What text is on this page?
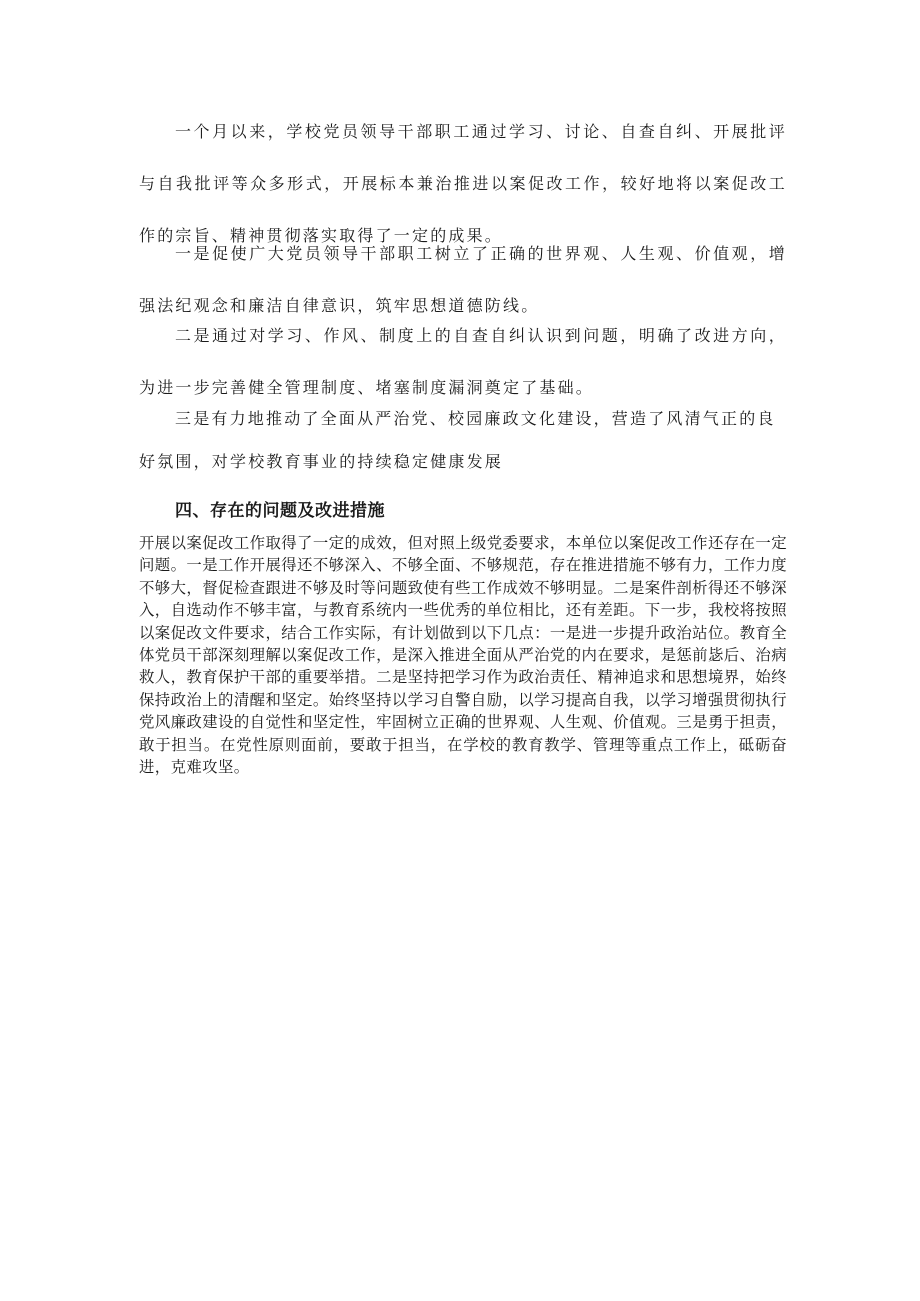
一个月以来，学校党员领导干部职工通过学习、讨论、自查自纠、开展批评与自我批评等众多形式，开展标本兼治推进以案促改工作，较好地将以案促改工作的宗旨、精神贯彻落实取得了一定的成果。

一是促使广大党员领导干部职工树立了正确的世界观、人生观、价值观，增强法纪观念和廉洁自律意识，筑牢思想道德防线。

二是通过对学习、作风、制度上的自查自纠认识到问题，明确了改进方向，为进一步完善健全管理制度、堵塞制度漏洞奠定了基础。

三是有力地推动了全面从严治党、校园廉政文化建设，营造了风清气正的良

好氛围，对学校教育事业的持续稳定健康发展

四、存在的问题及改进措施

开展以案促改工作取得了一定的成效，但对照上级党委要求，本单位以案促改工作还存在一定问题。一是工作开展得还不够深入、不够全面、不够规范，存在推进措施不够有力，工作力度不够大，督促检查跟进不够及时等问题致使有些工作成效不够明显。二是案件剖析得还不够深入，自选动作不够丰富，与教育系统内一些优秀的单位相比，还有差距。下一步，我校将按照以案促改文件要求，结合工作实际，有计划做到以下几点：一是进一步提升政治站位。教育全体党员干部深刻理解以案促改工作，是深入推进全面从严治党的内在要求，是惩前毖后、治病救人，教育保护干部的重要举措。二是坚持把学习作为政治责任、精神追求和思想境界，始终保持政治上的清醒和坚定。始终坚持以学习自警自励，以学习提高自我，以学习增强贯彻执行党风廉政建设的自觉性和坚定性，牢固树立正确的世界观、人生观、价值观。三是勇于担责，敢于担当。在党性原则面前，要敢于担当，在学校的教育教学、管理等重点工作上，砥砺奋进，克难攻坚。
